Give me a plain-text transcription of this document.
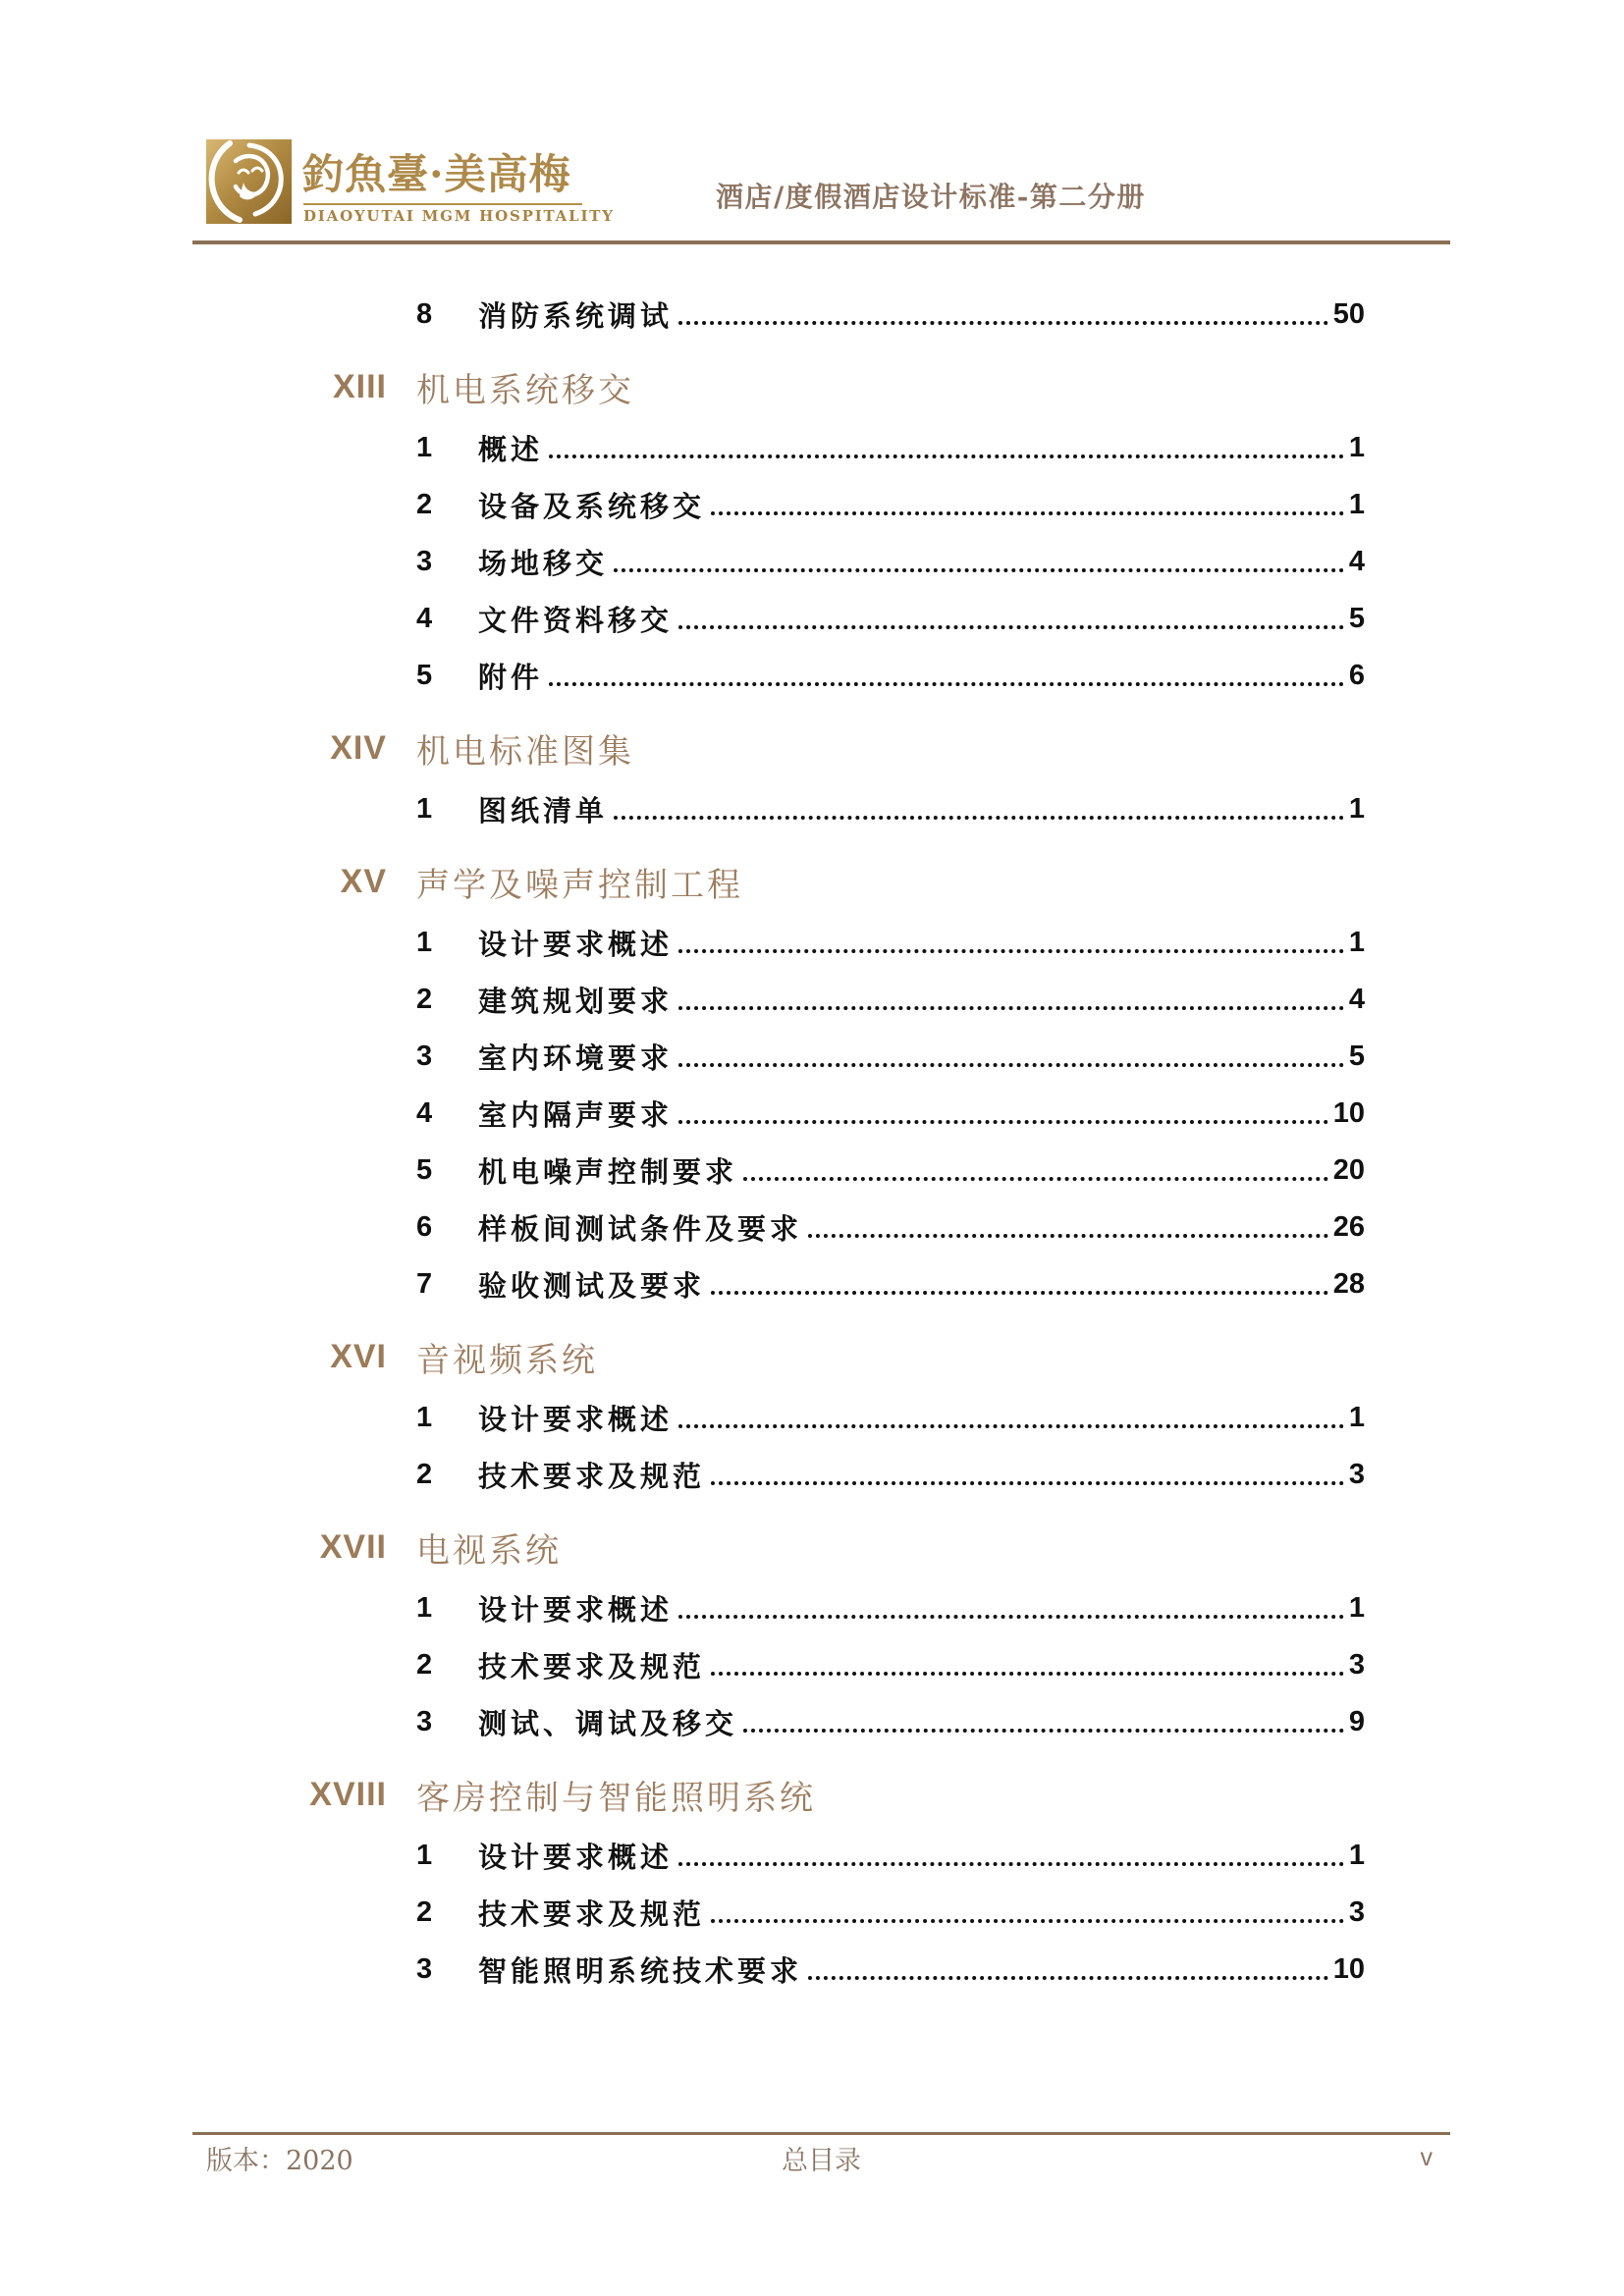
釣魚臺·美高梅
DIAOYUTAI MGM HOSPITALITY
酒店/度假酒店设计标准-第二分册
8	消防系统调试	50
XIII 机电系统移交
1	概述	1
2	设备及系统移交	1
3	场地移交	4
4	文件资料移交	5
5	附件	6
XIV 机电标准图集
1	图纸清单	1
XV 声学及噪声控制工程
1	设计要求概述	1
2	建筑规划要求	4
3	室内环境要求	5
4	室内隔声要求	10
5	机电噪声控制要求	20
6	样板间测试条件及要求	26
7	验收测试及要求	28
XVI 音视频系统
1	设计要求概述	1
2	技术要求及规范	3
XVII 电视系统
1	设计要求概述	1
2	技术要求及规范	3
3	测试、调试及移交	9
XVIII 客房控制与智能照明系统
1	设计要求概述	1
2	技术要求及规范	3
3	智能照明系统技术要求	10
版本：2020	总目录	v
